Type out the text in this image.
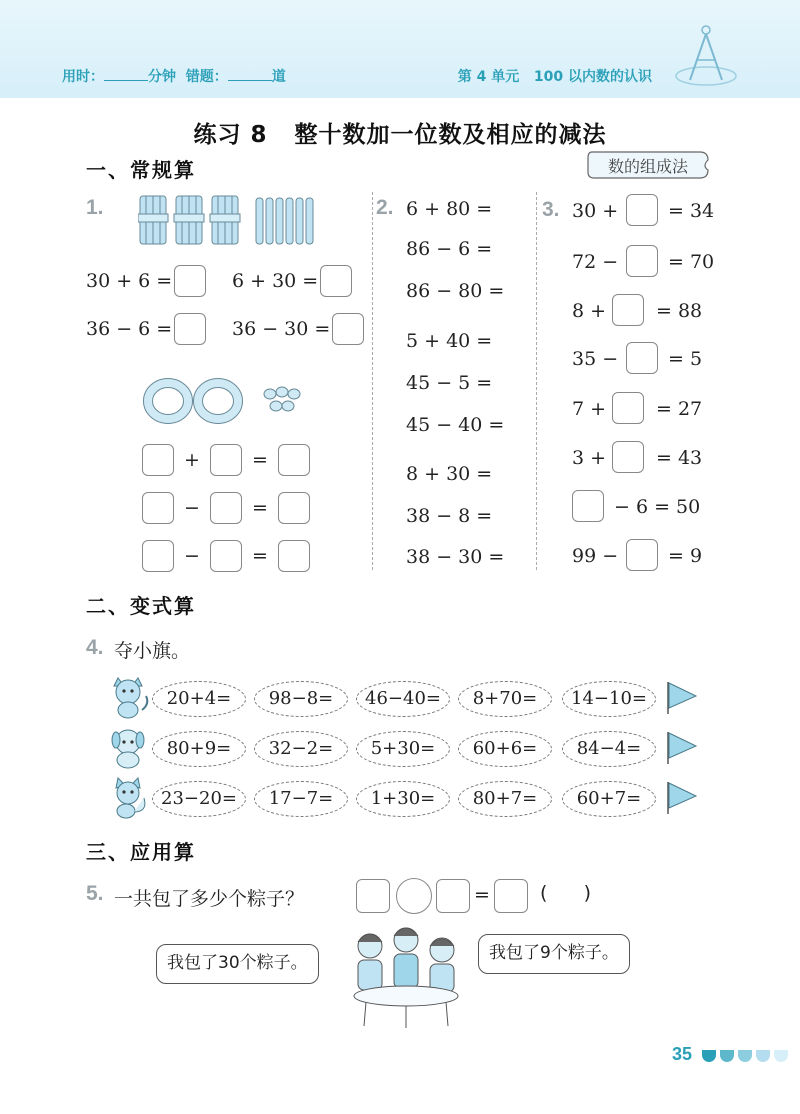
用时：	分钟 错题：	道	第 4 单元 100 以内数的认识
练习 8 整十数加一位数及相应的减法
一、常规算	数的组成法
1.
30 + 6 =	6 + 30 =
36 − 6 =	36 − 30 =
+	=
−	=
−	=
2. 6 + 80 =
86 − 6 =
86 − 80 =
5 + 40 =
45 − 5 =
45 − 40 =
8 + 30 =
38 − 8 =
38 − 30 =
3. 30 +	= 34
72 −	= 70
8 +	= 88
35 −	= 5
7 +	= 27
3 +	= 43
− 6 = 50
99 −	= 9
二、变式算
4. 夺小旗。
20+4=	98−8=	46−40=	8+70=	14−10=
80+9=	32−2=	5+30=	60+6=	84−4=
23−20=	17−7=	1+30=	80+7=	60+7=
三、应用算
5. 一共包了多少个粽子？	=	(      )
我包了30个粽子。	我包了9个粽子。
35
